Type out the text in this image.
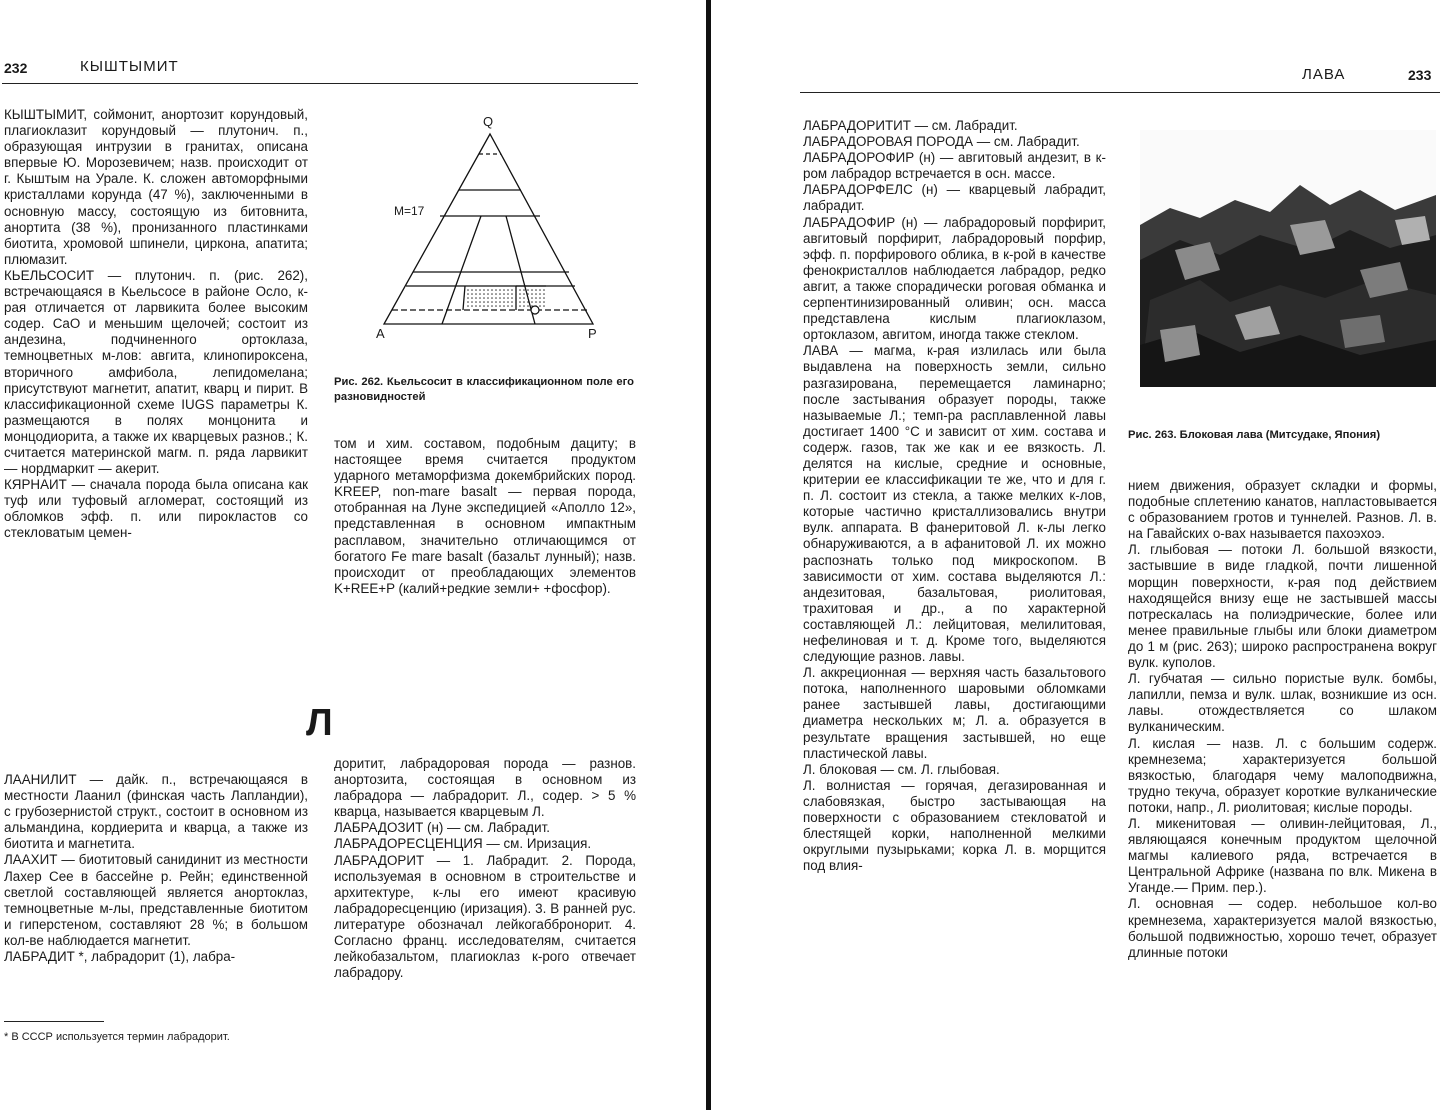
232	КЫШТЫМИТ

КЫШТЫМИТ, соймонит, анортозит корундовый, плагиоклазит корундовый — плутонич. п., образующая интрузии в гранитах, описана впервые Ю. Морозевичем; назв. происходит от г. Кыштым на Урале. К. сложен автоморфными кристаллами корунда (47 %), заключенными в основную массу, состоящую из битовнита, анортита (38 %), пронизанного пластинками биотита, хромовой шпинели, циркона, апатита; плюмазит.

КЬЕЛЬСОСИТ — плутонич. п. (рис. 262), встречающаяся в Кьельсосе в районе Осло, к-рая отличается от ларвикита более высоким содер. CaO и меньшим щелочей; состоит из андезина, подчиненного ортоклаза, темноцветных м-лов: авгита, клинопироксена, вторичного амфибола, лепидомелана; присутствуют магнетит, апатит, кварц и пирит. В классификационной схеме IUGS параметры К. размещаются в полях монцонита и монцодиорита, а также их кварцевых разнов.; К. считается материнской магм. п. ряда ларвикит — нордмаркит — акерит.

КЯРНАИТ — сначала порода была описана как туф или туфовый агломерат, состоящий из обломков эфф. п. или пирокластов со стекловатым цемен-

Q
A	P
M=17
Рис. 262. Кьельсосит в классификационном поле его разновидностей

том и хим. составом, подобным дациту; в настоящее время считается продуктом ударного метаморфизма докембрийских пород. KREEP, non-mare basalt — первая порода, отобранная на Луне экспедицией «Аполло 12», представленная в основном импактным расплавом, значительно отличающимся от богатого Fe mare basalt (базальт лунный); назв. происходит от преобладающих элементов K+REE+P (калий+редкие земли+ +фосфор).

Л

ЛААНИЛИТ — дайк. п., встречающаяся в местности Лаанил (финская часть Лапландии), с грубозернистой структ., состоит в основном из альмандина, кордиерита и кварца, а также из биотита и магнетита.

ЛААХИТ — биотитовый санидинит из местности Лахер Сее в бассейне р. Рейн; единственной светлой составляющей является анортоклаз, темноцветные м-лы, представленные биотитом и гиперстеном, составляют 28 %; в большом кол-ве наблюдается магнетит.

ЛАБРАДИТ *, лабрадорит (1), лабра-

* В СССР используется термин лабрадорит.

доритит, лабрадоровая порода — разнов. анортозита, состоящая в основном из лабрадора — лабрадорит. Л., содер. > 5 % кварца, называется кварцевым Л.

ЛАБРАДОЗИТ (н) — см. Лабрадит.

ЛАБРАДОРЕСЦЕНЦИЯ — см. Иризация.

ЛАБРАДОРИТ — 1. Лабрадит. 2. Порода, используемая в основном в строительстве и архитектуре, к-лы его имеют красивую лабрадоресценцию (иризация). 3. В ранней рус. литературе обозначал лейкогаббронорит. 4. Согласно франц. исследователям, считается лейкобазальтом, плагиоклаз к-рого отвечает лабрадору.

ЛАВА	233

ЛАБРАДОРИТИТ — см. Лабрадит.

ЛАБРАДОРОВАЯ ПОРОДА — см. Лабрадит.

ЛАБРАДОРОФИР (н) — авгитовый андезит, в к-ром лабрадор встречается в осн. массе.

ЛАБРАДОРФЕЛС (н) — кварцевый лабрадит, лабрадит.

ЛАБРАДОФИР (н) — лабрадоровый порфирит, авгитовый порфирит, лабрадоровый порфир, эфф. п. порфирового облика, в к-рой в качестве фенокристаллов наблюдается лабрадор, редко авгит, а также спорадически роговая обманка и серпентинизированный оливин; осн. масса представлена кислым плагиоклазом, ортоклазом, авгитом, иногда также стеклом.

ЛАВА — магма, к-рая излилась или была выдавлена на поверхность земли, сильно разгазирована, перемещается ламинарно; после застывания образует породы, также называемые Л.; темп-ра расплавленной лавы достигает 1400 °С и зависит от хим. состава и содерж. газов, так же как и ее вязкость. Л. делятся на кислые, средние и основные, критерии ее классификации те же, что и для г. п. Л. состоит из стекла, а также мелких к-лов, которые частично кристаллизовались внутри вулк. аппарата. В фанеритовой Л. к-лы легко обнаруживаются, а в афанитовой Л. их можно распознать только под микроскопом. В зависимости от хим. состава выделяются Л.: андезитовая, базальтовая, риолитовая, трахитовая и др., а по характерной составляющей Л.: лейцитовая, мелилитовая, нефелиновая и т. д. Кроме того, выделяются следующие разнов. лавы.

Л. аккреционная — верхняя часть базальтового потока, наполненного шаровыми обломками ранее застывшей лавы, достигающими диаметра нескольких м; Л. а. образуется в результате вращения застывшей, но еще пластической лавы.

Л. блоковая — см. Л. глыбовая.

Л. волнистая — горячая, дегазированная и слабовязкая, быстро застывающая на поверхности с образованием стекловатой и блестящей корки, наполненной мелкими округлыми пузырьками; корка Л. в. морщится под влия-

Рис. 263. Блоковая лава (Митсудаке, Япония)

нием движения, образует складки и формы, подобные сплетению канатов, напластовывается с образованием гротов и туннелей. Разнов. Л. в. на Гавайских о-вах называется пахоэхоэ.

Л. глыбовая — потоки Л. большой вязкости, застывшие в виде гладкой, почти лишенной морщин поверхности, к-рая под действием находящейся внизу еще не застывшей массы потрескалась на полиэдрические, более или менее правильные глыбы или блоки диаметром до 1 м (рис. 263); широко распространена вокруг вулк. куполов.

Л. губчатая — сильно пористые вулк. бомбы, лапилли, пемза и вулк. шлак, возникшие из осн. лавы. отождествляется со шлаком вулканическим.

Л. кислая — назв. Л. с большим содерж. кремнезема; характеризуется большой вязкостью, благодаря чему малоподвижна, трудно текуча, образует короткие вулканические потоки, напр., Л. риолитовая; кислые породы.

Л. микенитовая — оливин-лейцитовая, Л., являющаяся конечным продуктом щелочной магмы калиевого ряда, встречается в Центральной Африке (названа по влк. Микена в Уганде.— Прим. пер.).

Л. основная — содер. небольшое кол-во кремнезема, характеризуется малой вязкостью, большой подвижностью, хорошо течет, образует длинные потоки
